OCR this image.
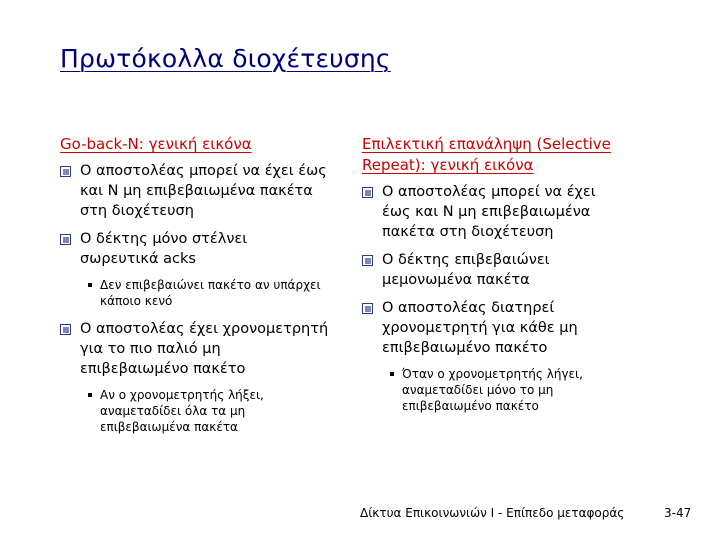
Πρωτόκολλα διοχέτευσης
Go-back-N: γενική εικόνα
Ο αποστολέας μπορεί να έχει έως και N μη επιβεβαιωμένα πακέτα στη διοχέτευση
Ο δέκτης μόνο στέλνει σωρευτικά acks
Δεν επιβεβαιώνει πακέτο αν υπάρχει κάποιο κενό
Ο αποστολέας έχει χρονομετρητή για το πιο παλιό μη επιβεβαιωμένο πακέτο
Αν ο χρονομετρητής λήξει, αναμεταδίδει όλα τα μη επιβεβαιωμένα πακέτα
Επιλεκτική επανάληψη (Selective Repeat): γενική εικόνα
Ο αποστολέας μπορεί να έχει έως και N μη επιβεβαιωμένα πακέτα στη διοχέτευση
Ο δέκτης επιβεβαιώνει μεμονωμένα πακέτα
Ο αποστολέας διατηρεί χρονομετρητή για κάθε μη επιβεβαιωμένο πακέτο
Όταν ο χρονομετρητής λήγει, αναμεταδίδει μόνο το μη επιβεβαιωμένο πακέτο
Δίκτυα Επικοινωνιών Ι - Επίπεδο μεταφοράς	3-47
